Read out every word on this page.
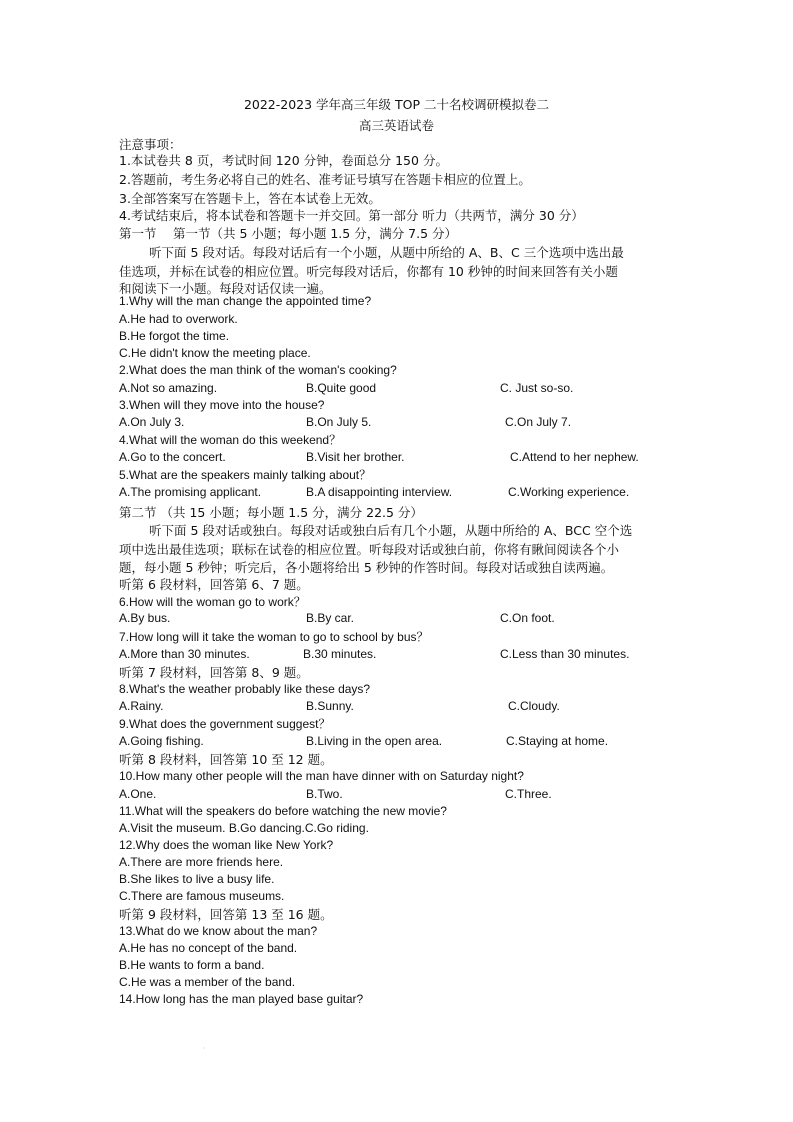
2022-2023 学年高三年级 TOP 二十名校调研模拟卷二
高三英语试卷
注意事项：
1.本试卷共 8 页，考试时间 120 分钟，卷面总分 150 分。
2.答题前，考生务必将自己的姓名、准考证号填写在答题卡相应的位置上。
3.全部答案写在答题卡上，答在本试卷上无效。
4.考试结束后，将本试卷和答题卡一并交回。第一部分 听力（共两节，满分 30 分）
第一节 　第一节（共 5 小题；每小题 1.5 分，满分 7.5 分）
听下面 5 段对话。每段对话后有一个小题，从题中所给的 A、B、C 三个选项中选出最
佳选项，并标在试卷的相应位置。听完每段对话后，你都有 10 秒钟的时间来回答有关小题
和阅读下一小题。每段对话仅读一遍。
1.Why will the man change the appointed time?
A.He had to overwork.
B.He forgot the time.
C.He didn't know the meeting place.
2.What does the man think of the woman's cooking?
A.Not so amazing.	B.Quite good	C. Just so-so.
3.When will they move into the house?
A.On July 3.	B.On July 5.	C.On July 7.
4.What will the woman do this weekend？
A.Go to the concert.	B.Visit her brother.	C.Attend to her nephew.
5.What are the speakers mainly talking about？
A.The promising applicant.	B.A disappointing interview.	C.Working experience.
第二节 （共 15 小题；每小题 1.5 分，满分 22.5 分）
听下面 5 段对话或独白。每段对话或独白后有几个小题，从题中所给的 A、BCC 空个选
项中选出最佳选项；联标在试卷的相应位置。听每段对话或独白前，你将有瞅间阅读各个小
题，每小题 5 秒钟；听完后，各小题将给出 5 秒钟的作答时间。每段对话或独自读两遍。
听第 6 段材料，回答第 6、7 题。
6.How will the woman go to work？
A.By bus.	B.By car.	C.On foot.
7.How long will it take the woman to go to school by bus？
A.More than 30 minutes.	B.30 minutes.	C.Less than 30 minutes.
听第 7 段材料，回答第 8、9 题。
8.What's the weather probably like these days?
A.Rainy.	B.Sunny.	C.Cloudy.
9.What does the government suggest？
A.Going fishing.	B.Living in the open area.	C.Staying at home.
听第 8 段材料，回答第 10 至 12 题。
10.How many other people will the man have dinner with on Saturday night?
A.One.	B.Two.	C.Three.
11.What will the speakers do before watching the new movie?
A.Visit the museum. B.Go dancing.C.Go riding.
12.Why does the woman like New York?
A.There are more friends here.
B.She likes to live a busy life.
C.There are famous museums.
听第 9 段材料，回答第 13 至 16 题。
13.What do we know about the man?
A.He has no concept of the band.
B.He wants to form a band.
C.He was a member of the band.
14.How long has the man played base guitar?
·
